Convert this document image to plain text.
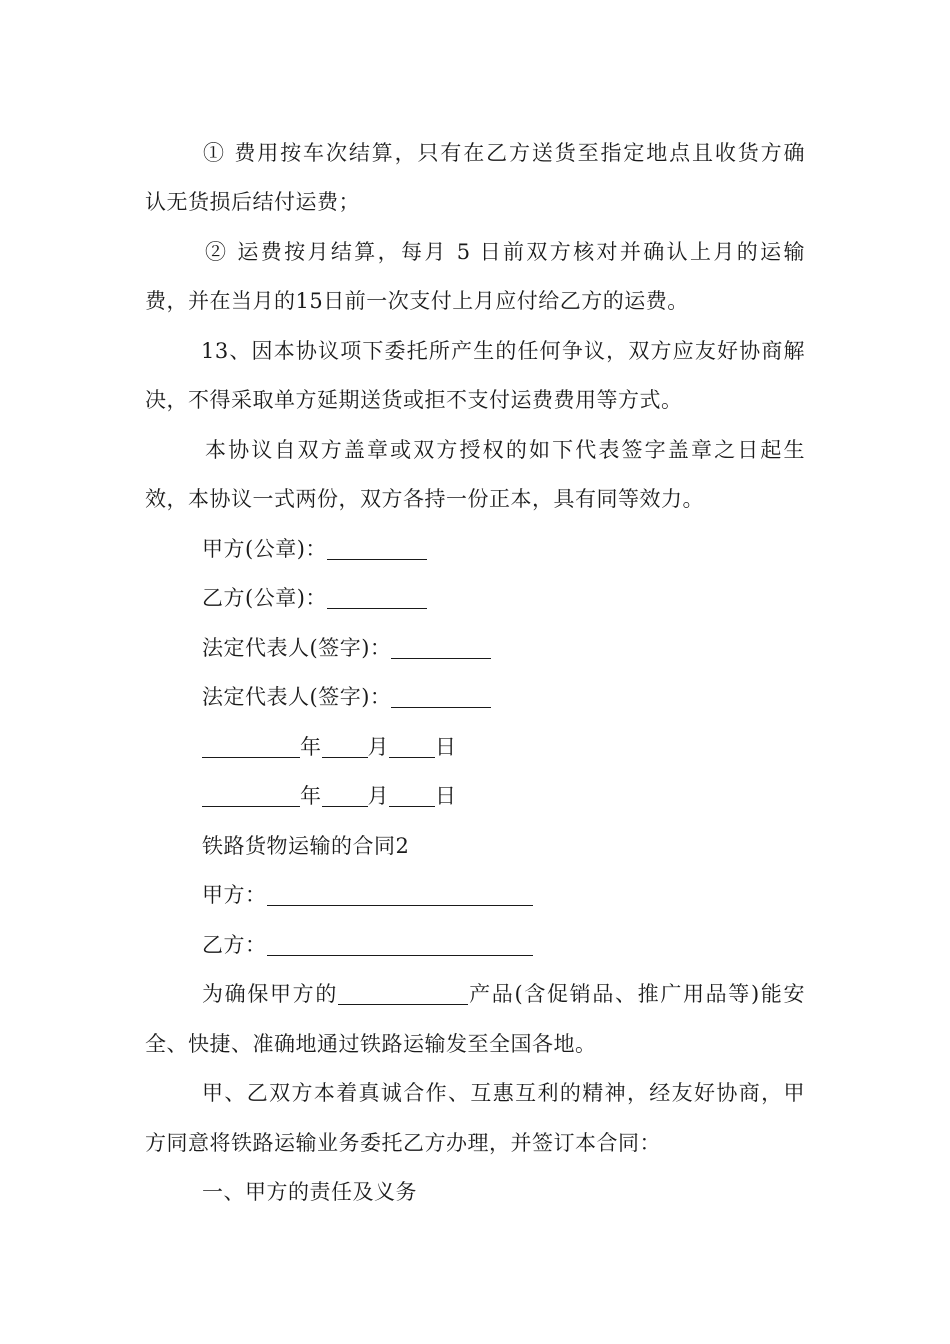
① 费用按车次结算，只有在乙方送货至指定地点且收货方确
认无货损后结付运费；
② 运费按月结算，每月 5 日前双方核对并确认上月的运输
费，并在当月的15日前一次支付上月应付给乙方的运费。
13、因本协议项下委托所产生的任何争议，双方应友好协商解
决，不得采取单方延期送货或拒不支付运费费用等方式。
本协议自双方盖章或双方授权的如下代表签字盖章之日起生
效，本协议一式两份，双方各持一份正本，具有同等效力。
甲方(公章)：
乙方(公章)：
法定代表人(签字)：
法定代表人(签字)：
年 月 日
年 月 日
铁路货物运输的合同2
甲方：
乙方：
为确保甲方的	产品(含促销品、推广用品等)能安
全、快捷、准确地通过铁路运输发至全国各地。
甲、乙双方本着真诚合作、互惠互利的精神，经友好协商，甲
方同意将铁路运输业务委托乙方办理，并签订本合同：
一、甲方的责任及义务
